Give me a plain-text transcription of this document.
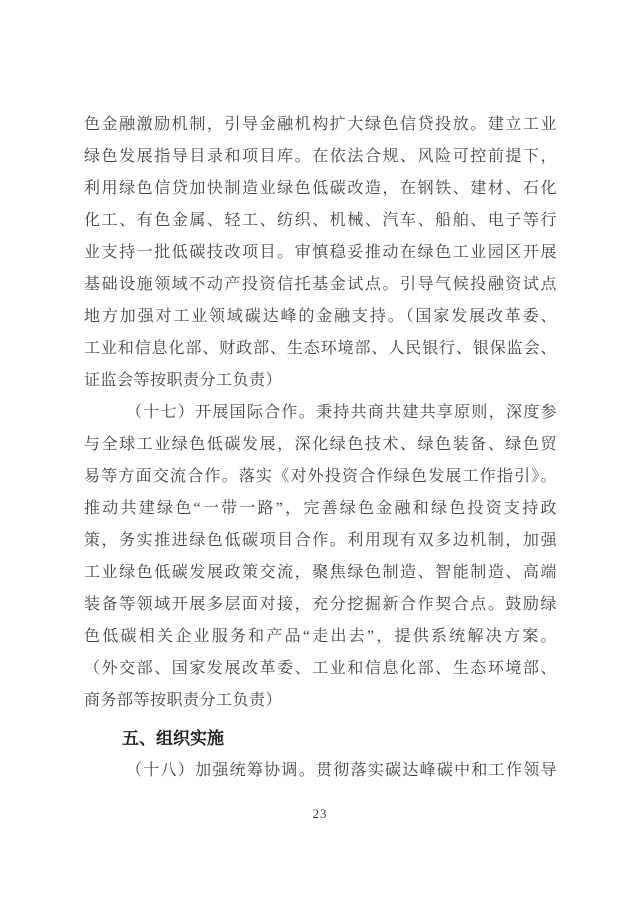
色金融激励机制，引导金融机构扩大绿色信贷投放。建立工业
绿色发展指导目录和项目库。在依法合规、风险可控前提下，
利用绿色信贷加快制造业绿色低碳改造，在钢铁、建材、石化
化工、有色金属、轻工、纺织、机械、汽车、船舶、电子等行
业支持一批低碳技改项目。审慎稳妥推动在绿色工业园区开展
基础设施领域不动产投资信托基金试点。引导气候投融资试点
地方加强对工业领域碳达峰的金融支持。（国家发展改革委、
工业和信息化部、财政部、生态环境部、人民银行、银保监会、
证监会等按职责分工负责）
（十七）开展国际合作。秉持共商共建共享原则，深度参
与全球工业绿色低碳发展，深化绿色技术、绿色装备、绿色贸
易等方面交流合作。落实《对外投资合作绿色发展工作指引》。
推动共建绿色“一带一路”，完善绿色金融和绿色投资支持政
策，务实推进绿色低碳项目合作。利用现有双多边机制，加强
工业绿色低碳发展政策交流，聚焦绿色制造、智能制造、高端
装备等领域开展多层面对接，充分挖掘新合作契合点。鼓励绿
色低碳相关企业服务和产品“走出去”，提供系统解决方案。
（外交部、国家发展改革委、工业和信息化部、生态环境部、
商务部等按职责分工负责）
五、组织实施
（十八）加强统筹协调。贯彻落实碳达峰碳中和工作领导
23
